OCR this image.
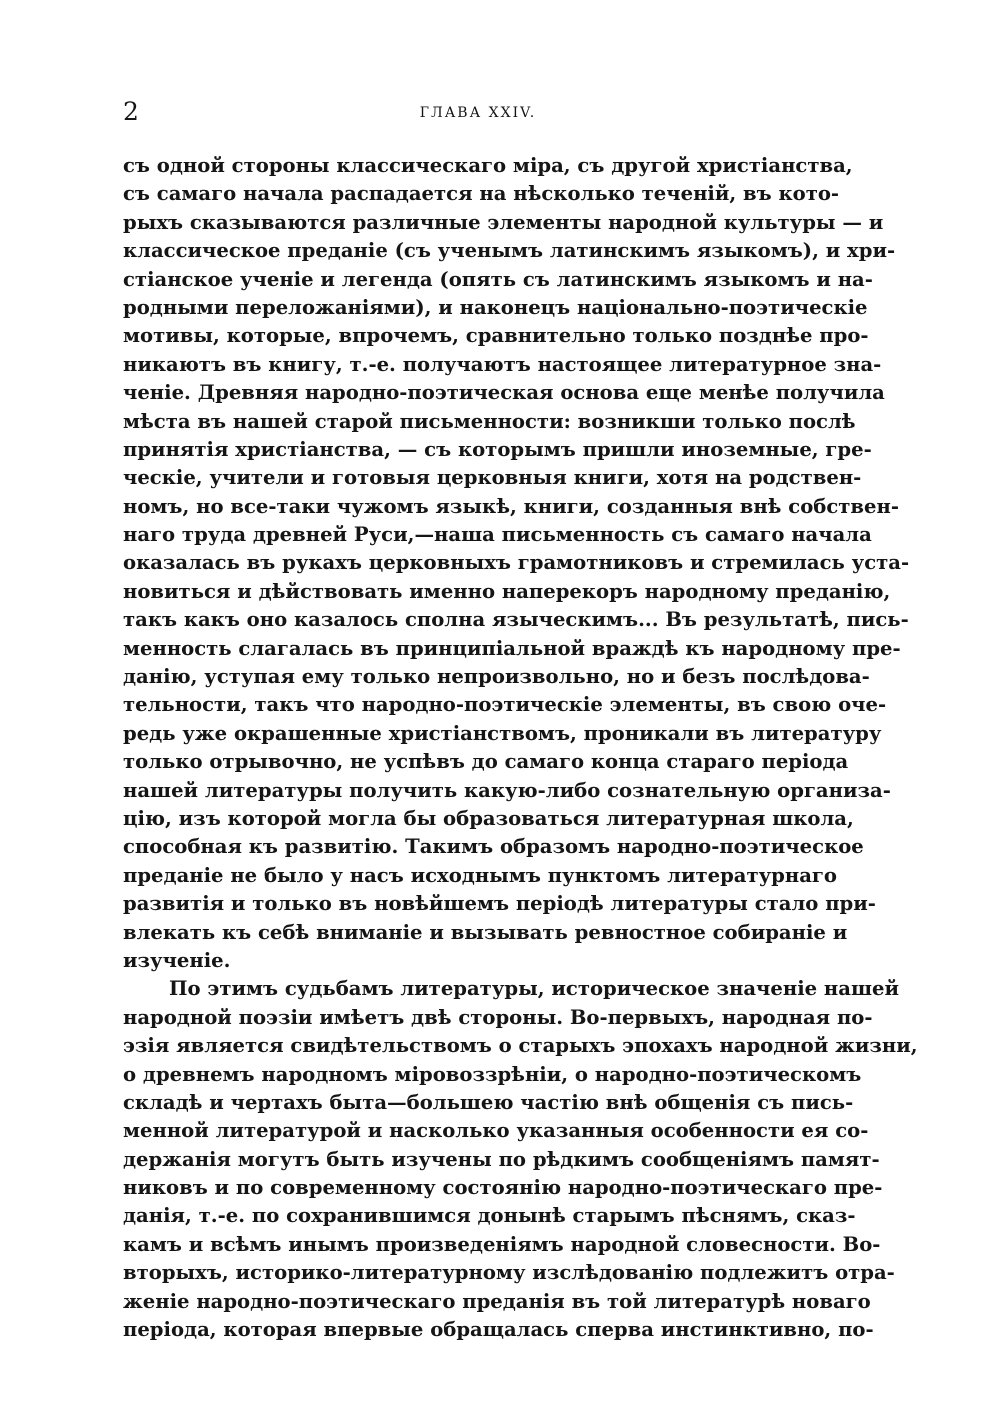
2	ГЛАВА XXIV.
съ одной стороны классическаго міра, съ другой христіанства,
съ самаго начала распадается на нѣсколько теченій, въ кото-
рыхъ сказываются различные элементы народной культуры — и
классическое преданіе (съ ученымъ латинскимъ языкомъ), и хри-
стіанское ученіе и легенда (опять съ латинскимъ языкомъ и на-
родными переложаніями), и наконецъ національно-поэтическіе
мотивы, которые, впрочемъ, сравнительно только позднѣе про-
никаютъ въ книгу, т.-е. получаютъ настоящее литературное зна-
ченіе. Древняя народно-поэтическая основа еще менѣе получила
мѣста въ нашей старой письменности: возникши только послѣ
принятія христіанства, — съ которымъ пришли иноземные, гре-
ческіе, учители и готовыя церковныя книги, хотя на родствен-
номъ, но все-таки чужомъ языкѣ, книги, созданныя внѣ собствен-
наго труда древней Руси,—наша письменность съ самаго начала
оказалась въ рукахъ церковныхъ грамотниковъ и стремилась уста-
новиться и дѣйствовать именно наперекоръ народному преданію,
такъ какъ оно казалось сполна языческимъ... Въ результатѣ, пись-
менность слагалась въ принципіальной враждѣ къ народному пре-
данію, уступая ему только непроизвольно, но и безъ послѣдова-
тельности, такъ что народно-поэтическіе элементы, въ свою оче-
редь уже окрашенные христіанствомъ, проникали въ литературу
только отрывочно, не успѣвъ до самаго конца стараго періода
нашей литературы получить какую-либо сознательную организа-
цію, изъ которой могла бы образоваться литературная школа,
способная къ развитію. Такимъ образомъ народно-поэтическое
преданіе не было у насъ исходнымъ пунктомъ литературнаго
развитія и только въ новѣйшемъ періодѣ литературы стало при-
влекать къ себѣ вниманіе и вызывать ревностное собираніе и
изученіе.
По этимъ судьбамъ литературы, историческое значеніе нашей
народной поэзіи имѣетъ двѣ стороны. Во-первыхъ, народная по-
эзія является свидѣтельствомъ о старыхъ эпохахъ народной жизни,
о древнемъ народномъ міровоззрѣніи, о народно-поэтическомъ
складѣ и чертахъ быта—большею частію внѣ общенія съ пись-
менной литературой и насколько указанныя особенности ея со-
держанія могутъ быть изучены по рѣдкимъ сообщеніямъ памят-
никовъ и по современному состоянію народно-поэтическаго пре-
данія, т.-е. по сохранившимся донынѣ старымъ пѣснямъ, сказ-
камъ и всѣмъ инымъ произведеніямъ народной словесности. Во-
вторыхъ, историко-литературному изслѣдованію подлежитъ отра-
женіе народно-поэтическаго преданія въ той литературѣ новаго
періода, которая впервые обращалась сперва инстинктивно, по-
